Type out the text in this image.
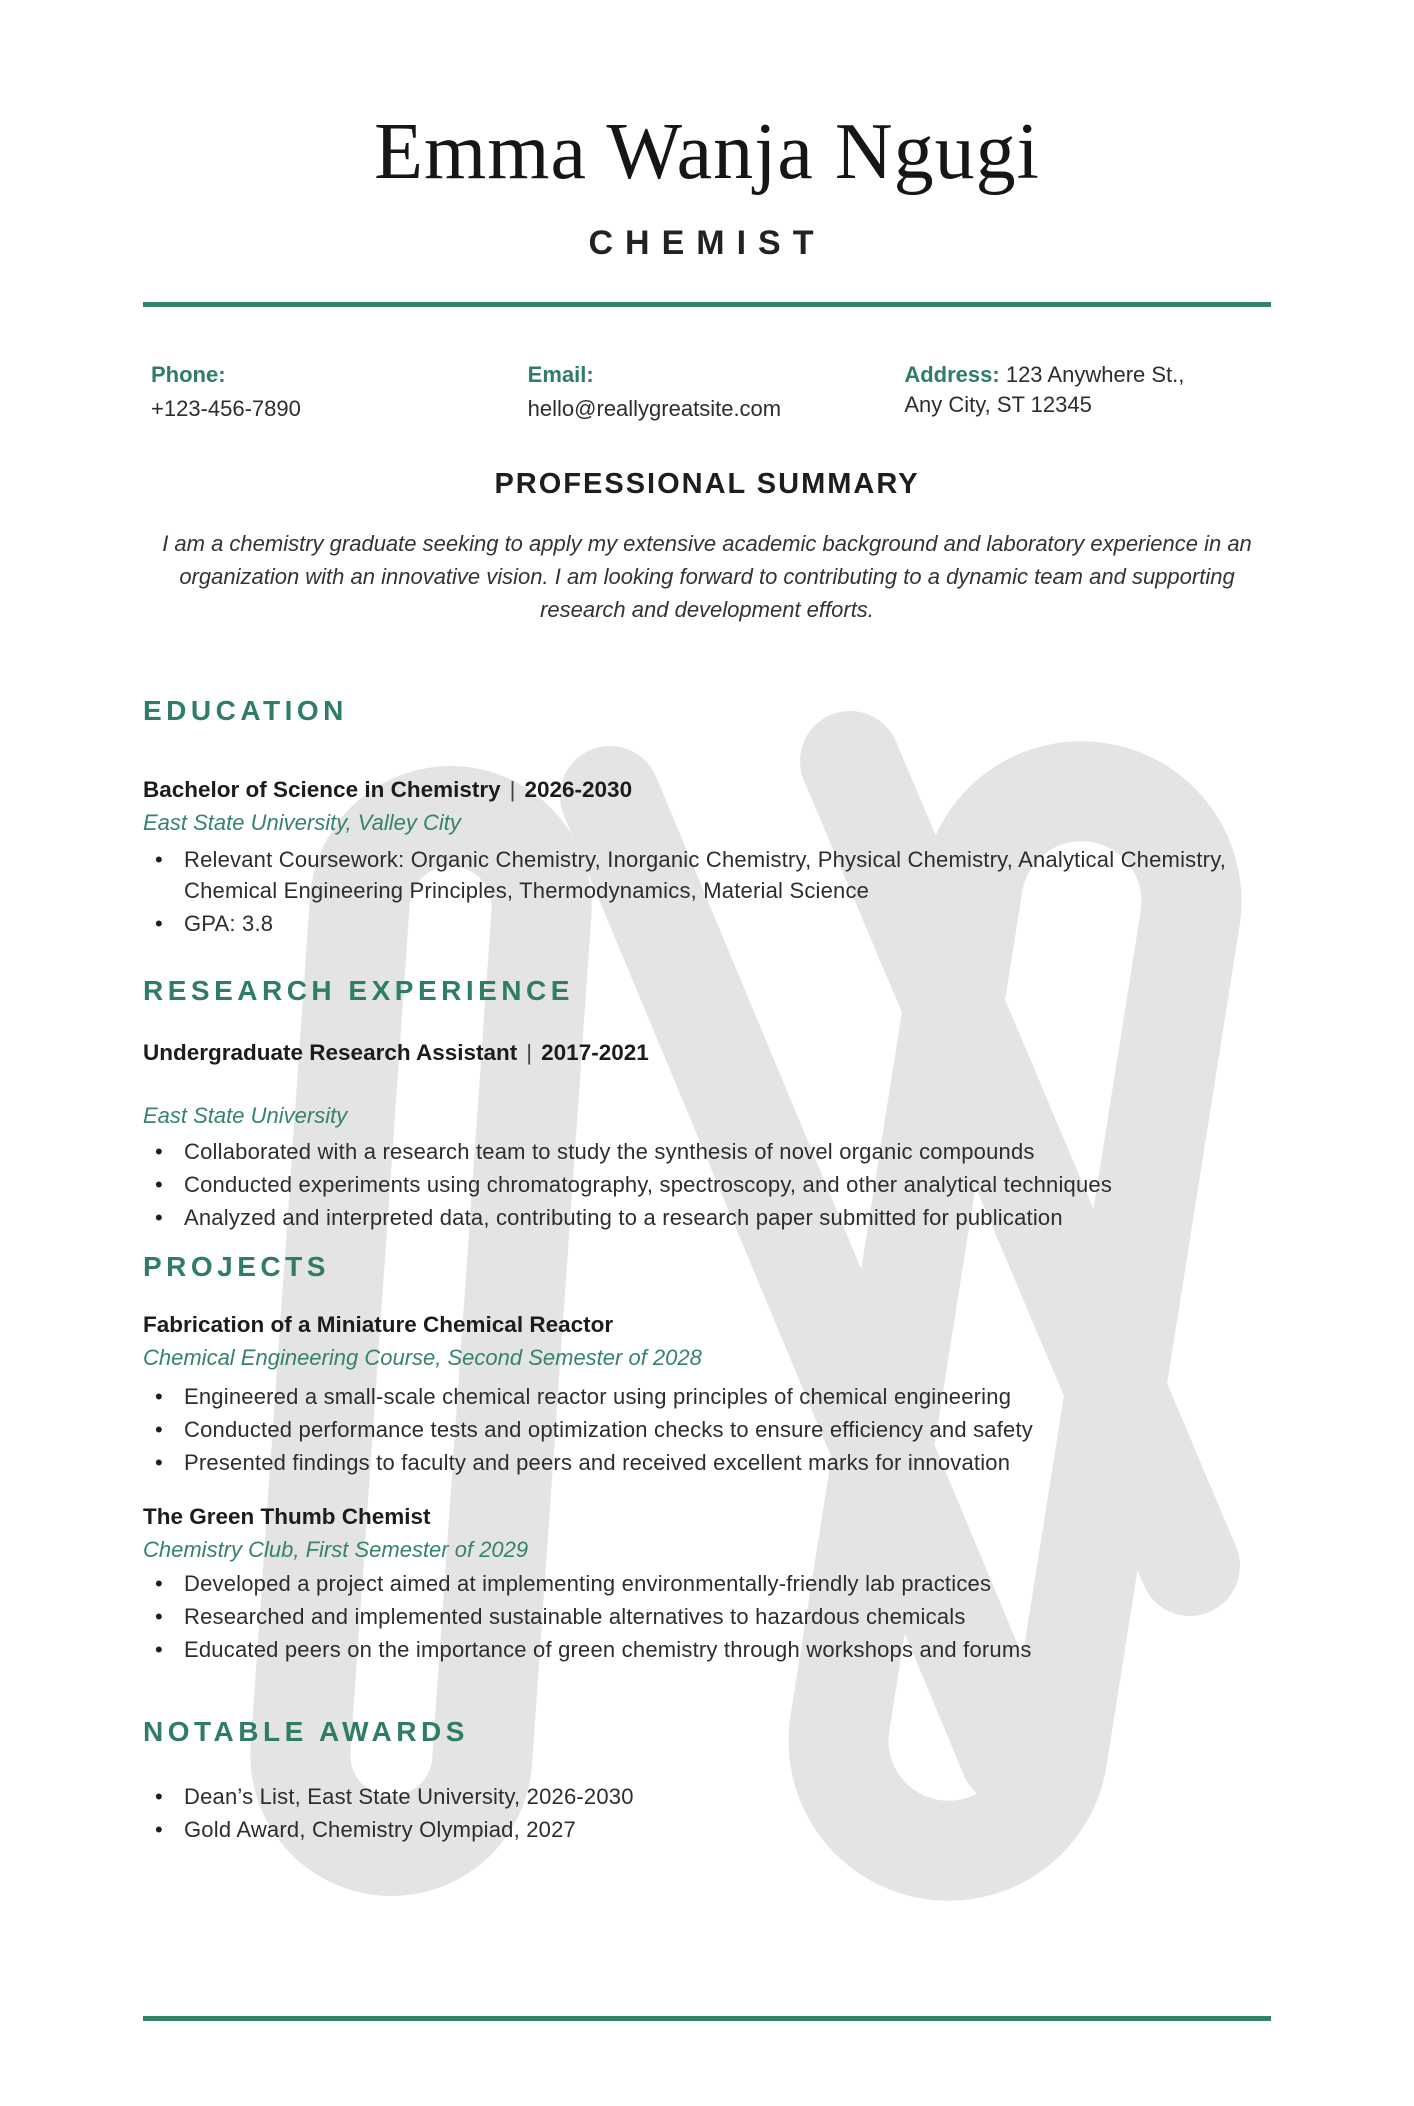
Emma Wanja Ngugi
CHEMIST
Phone:
+123-456-7890
Email:
hello@reallygreatsite.com

Address: 123 Anywhere St.,
Any City, ST 12345

PROFESSIONAL SUMMARY

I am a chemistry graduate seeking to apply my extensive academic background and laboratory experience in an organization with an innovative vision. I am looking forward to contributing to a dynamic team and supporting research and development efforts.

EDUCATION

Bachelor of Science in Chemistry | 2026-2030

East State University, Valley City

• Relevant Coursework: Organic Chemistry, Inorganic Chemistry, Physical Chemistry, Analytical Chemistry, Chemical Engineering Principles, Thermodynamics, Material Science
• GPA: 3.8
RESEARCH EXPERIENCE

Undergraduate Research Assistant | 2017-2021

East State University

• Collaborated with a research team to study the synthesis of novel organic compounds
• Conducted experiments using chromatography, spectroscopy, and other analytical techniques
• Analyzed and interpreted data, contributing to a research paper submitted for publication
PROJECTS

Fabrication of a Miniature Chemical Reactor

Chemical Engineering Course, Second Semester of 2028

• Engineered a small-scale chemical reactor using principles of chemical engineering
• Conducted performance tests and optimization checks to ensure efficiency and safety
• Presented findings to faculty and peers and received excellent marks for innovation

The Green Thumb Chemist

Chemistry Club, First Semester of 2029

• Developed a project aimed at implementing environmentally-friendly lab practices
• Researched and implemented sustainable alternatives to hazardous chemicals
• Educated peers on the importance of green chemistry through workshops and forums
NOTABLE AWARDS
• Dean’s List, East State University, 2026-2030
• Gold Award, Chemistry Olympiad, 2027
